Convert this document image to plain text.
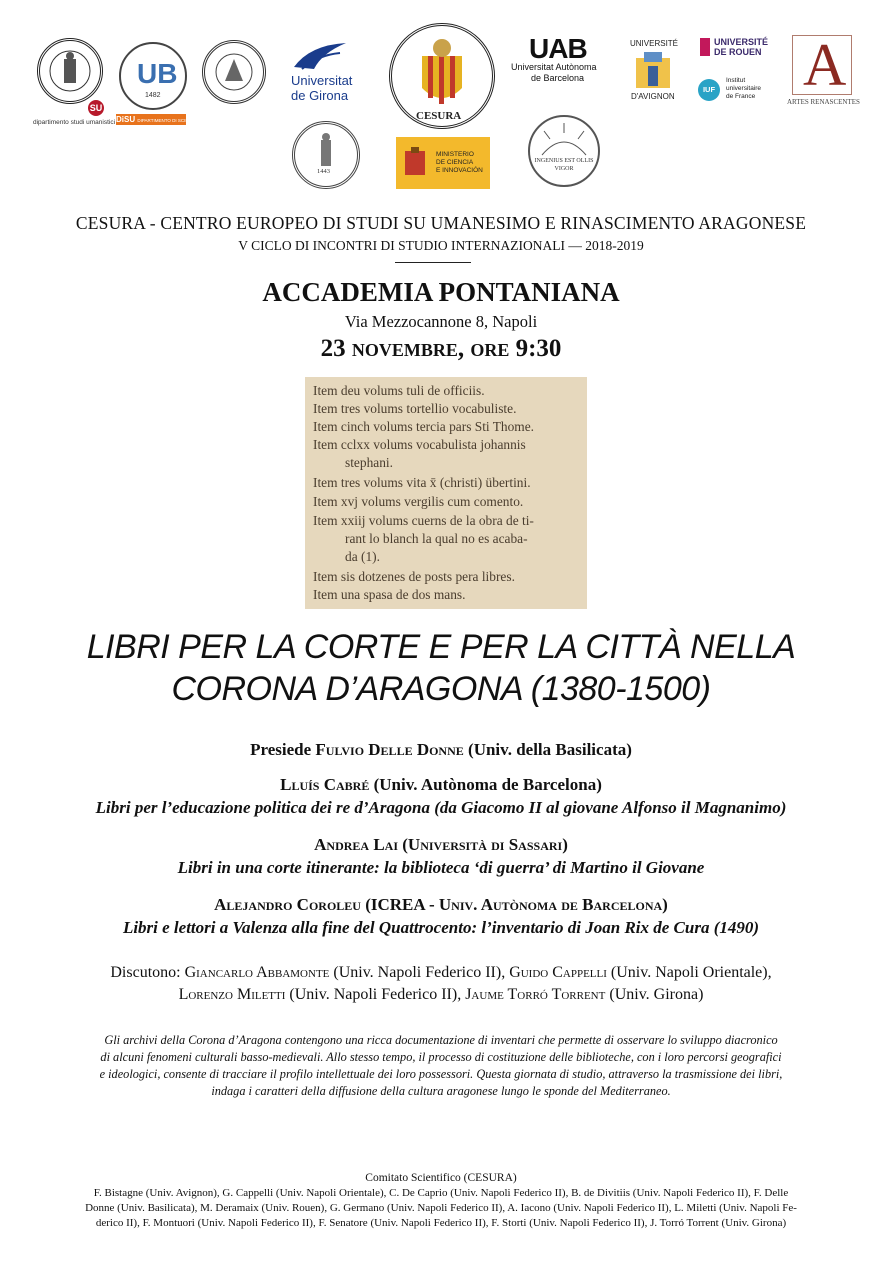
SU
dipartimento studi umanistici
UB
1482
DiSU DIPARTIMENTO DI SCIENZE UMANE
Universitat
de Girona
CESURA
UAB
Universitat Autònoma
de Barcelona
UNIVERSITÉ
D'AVIGNON
UNIVERSITÉ
DE ROUEN
IUF
Institut
universitaire
de France A
ARTES RENASCENTES
1443
MINISTERIO
DE CIENCIA
E INNOVACIÓN
INGENIUS EST OLLIS VIGOR
CESURA - CENTRO EUROPEO DI STUDI SU UMANESIMO E RINASCIMENTO ARAGONESE
V CICLO DI INCONTRI DI STUDIO INTERNAZIONALI — 2018-2019
ACCADEMIA PONTANIANA
Via Mezzocannone 8, Napoli
23 novembre, ore 9:30
Item deu volums tuli de officiis.
Item tres volums tortellio vocabuliste.
Item cinch volums tercia pars Sti Thome.
Item cclxx volums vocabulista johannis
stephani.
Item tres volums vita x̄ (christi) übertini.
Item xvj volums vergilis cum comento.
Item xxiij volums cuerns de la obra de ti-
rant lo blanch la qual no es acaba-
da (1).
Item sis dotzenes de posts pera libres.
Item una spasa de dos mans.
LIBRI PER LA CORTE E PER LA CITTÀ NELLA
CORONA D’ARAGONA (1380-1500)
Presiede Fulvio Delle Donne (Univ. della Basilicata)
Lluís Cabré (Univ. Autònoma de Barcelona)
Libri per l’educazione politica dei re d’Aragona (da Giacomo II al giovane Alfonso il Magnanimo)
Andrea Lai (Università di Sassari)
Libri in una corte itinerante: la biblioteca ‘di guerra’ di Martino il Giovane
Alejandro Coroleu (ICREA - Univ. Autònoma de Barcelona)
Libri e lettori a Valenza alla fine del Quattrocento: l’inventario di Joan Rix de Cura (1490)
Discutono: Giancarlo Abbamonte (Univ. Napoli Federico II), Guido Cappelli (Univ. Napoli Orientale),
Lorenzo Miletti (Univ. Napoli Federico II), Jaume Torró Torrent (Univ. Girona)
Gli archivi della Corona d’Aragona contengono una ricca documentazione di inventari che permette di osservare lo sviluppo diacronico
di alcuni fenomeni culturali basso-medievali. Allo stesso tempo, il processo di costituzione delle biblioteche, con i loro percorsi geografici
e ideologici, consente di tracciare il profilo intellettuale dei loro possessori. Questa giornata di studio, attraverso la trasmissione dei libri,
indaga i caratteri della diffusione della cultura aragonese lungo le sponde del Mediterraneo.
Comitato Scientifico (CESURA)
F. Bistagne (Univ. Avignon), G. Cappelli (Univ. Napoli Orientale), C. De Caprio (Univ. Napoli Federico II), B. de Divitiis (Univ. Napoli Federico II), F. Delle
Donne (Univ. Basilicata), M. Deramaix (Univ. Rouen), G. Germano (Univ. Napoli Federico II), A. Iacono (Univ. Napoli Federico II), L. Miletti (Univ. Napoli Fe-
derico II), F. Montuori (Univ. Napoli Federico II), F. Senatore (Univ. Napoli Federico II), F. Storti (Univ. Napoli Federico II), J. Torró Torrent (Univ. Girona)
